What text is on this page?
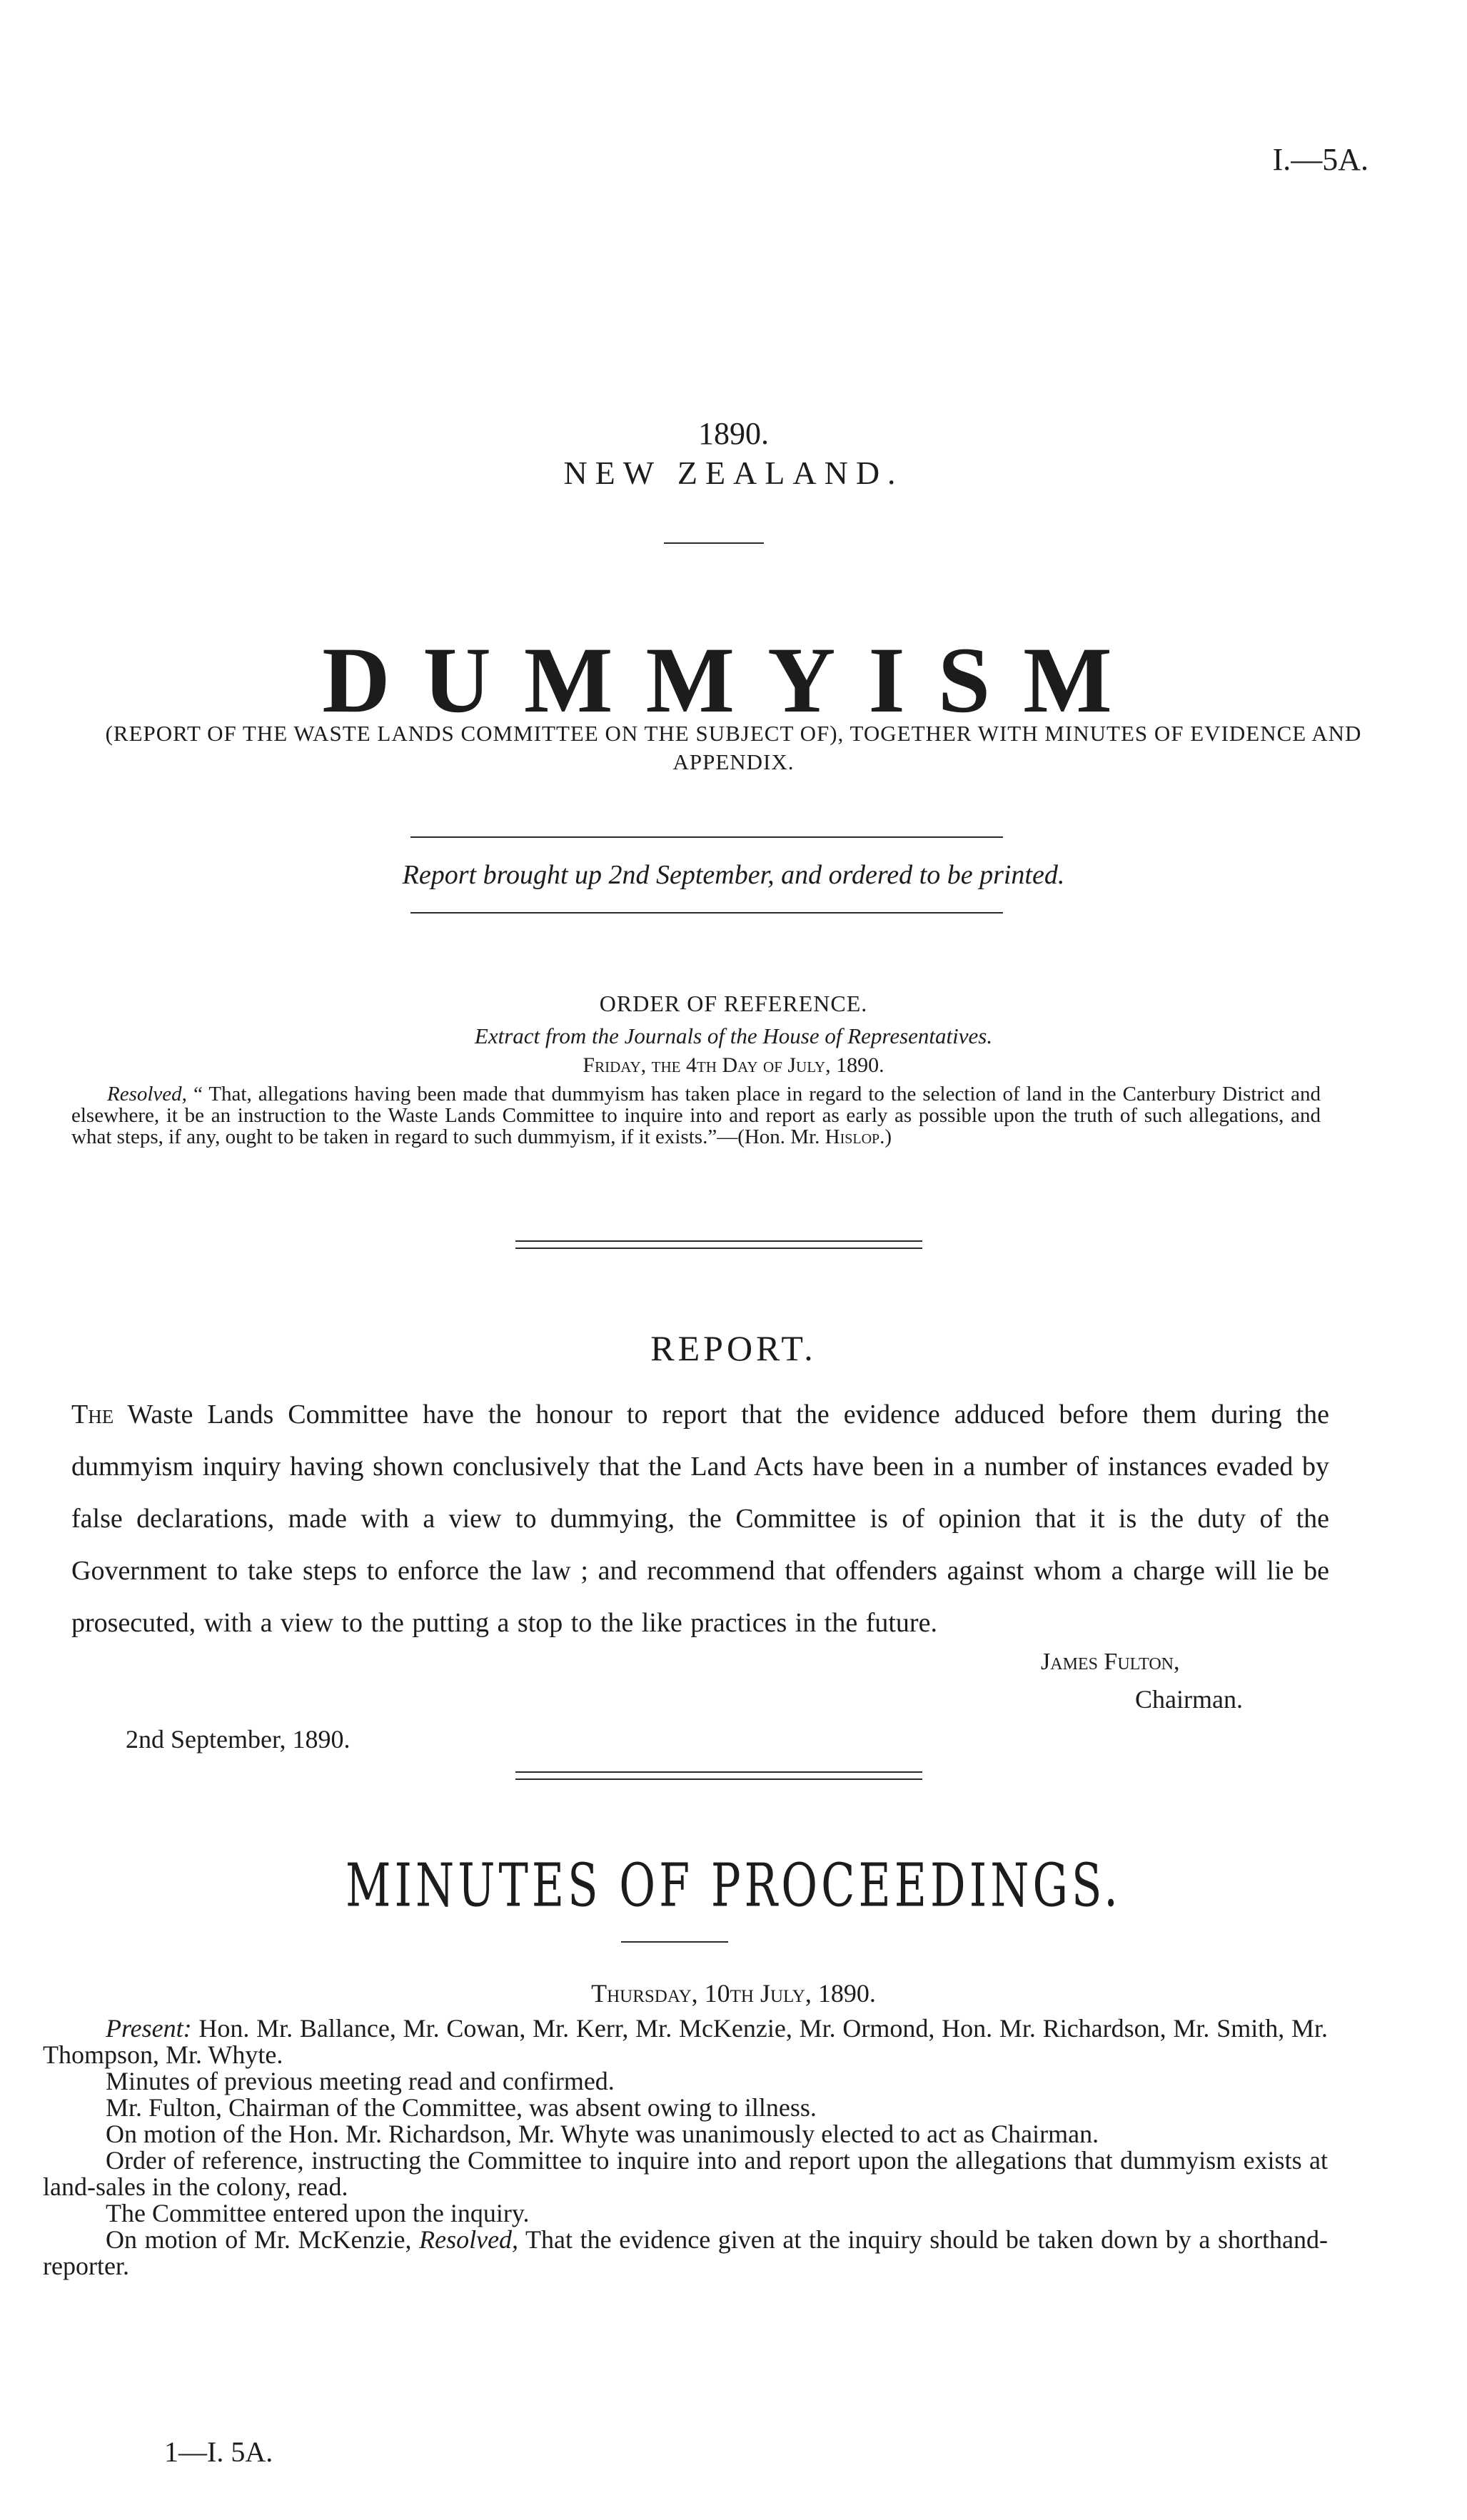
I.—5A.
1890.
NEW ZEALAND.
DUMMYISM
(REPORT OF THE WASTE LANDS COMMITTEE ON THE SUBJECT OF), TOGETHER WITH MINUTES OF EVIDENCE AND APPENDIX.
Report brought up 2nd September, and ordered to be printed.
ORDER OF REFERENCE.
Extract from the Journals of the House of Representatives.
Friday, the 4th Day of July, 1890.
Resolved, “ That, allegations having been made that dummyism has taken place in regard to the selection of land in the Canterbury District and elsewhere, it be an instruction to the Waste Lands Committee to inquire into and report as early as possible upon the truth of such allegations, and what steps, if any, ought to be taken in regard to such dummyism, if it exists.”—(Hon. Mr. Hislop.)
REPORT.
The Waste Lands Committee have the honour to report that the evidence adduced before them during the dummyism inquiry having shown conclusively that the Land Acts have been in a number of instances evaded by false declarations, made with a view to dummying, the Committee is of opinion that it is the duty of the Government to take steps to enforce the law ; and recommend that offenders against whom a charge will lie be prosecuted, with a view to the putting a stop to the like practices in the future.
James Fulton,
Chairman.
2nd September, 1890.
MINUTES OF PROCEEDINGS.
Thursday, 10th July, 1890.

Present: Hon. Mr. Ballance, Mr. Cowan, Mr. Kerr, Mr. McKenzie, Mr. Ormond, Hon. Mr. Richardson, Mr. Smith, Mr. Thompson, Mr. Whyte.

Minutes of previous meeting read and confirmed.

Mr. Fulton, Chairman of the Committee, was absent owing to illness.

On motion of the Hon. Mr. Richardson, Mr. Whyte was unanimously elected to act as Chairman.

Order of reference, instructing the Committee to inquire into and report upon the allegations that dummyism exists at land-sales in the colony, read.

The Committee entered upon the inquiry.

On motion of Mr. McKenzie, Resolved, That the evidence given at the inquiry should be taken down by a shorthand-reporter.

1—I. 5A.
